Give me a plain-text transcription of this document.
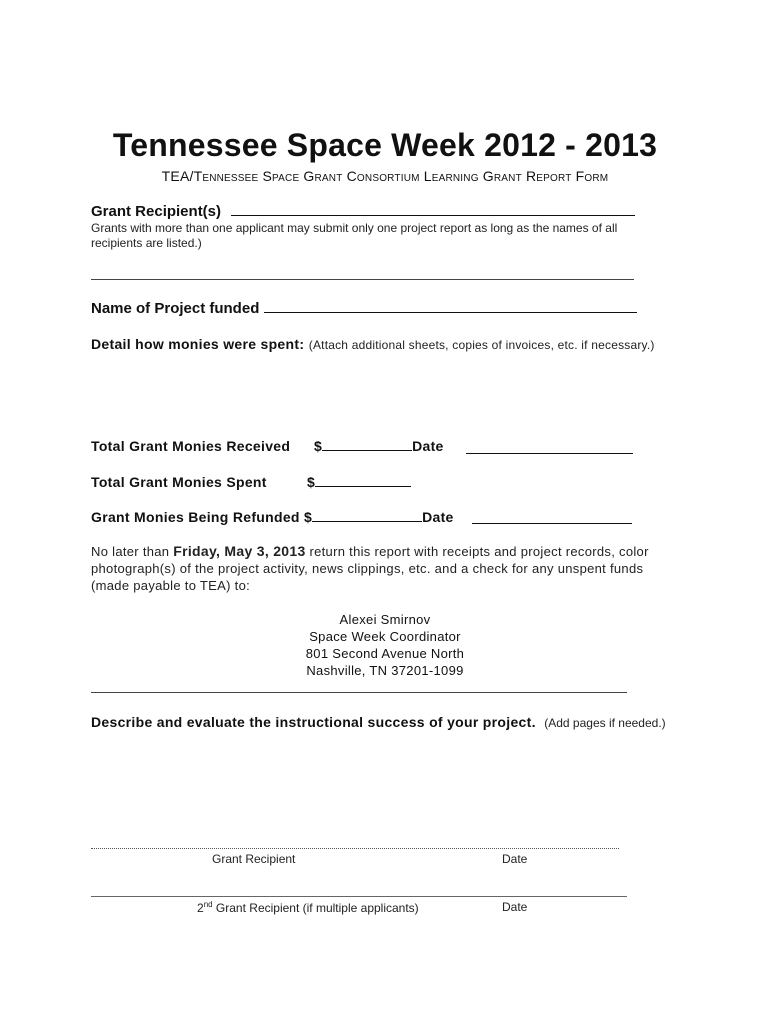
Tennessee Space Week 2012 - 2013
TEA/Tennessee Space Grant Consortium Learning Grant Report Form
Grant Recipient(s)
Grants with more than one applicant may submit only one project report as long as the names of all
recipients are listed.)
Name of Project funded
Detail how monies were spent: (Attach additional sheets, copies of invoices, etc. if necessary.)
Total Grant Monies Received $	Date
Total Grant Monies Spent	$
Grant Monies Being Refunded $	Date
No later than Friday, May 3, 2013 return this report with receipts and project records, color
photograph(s) of the project activity, news clippings, etc. and a check for any unspent funds
(made payable to TEA) to:
Alexei Smirnov
Space Week Coordinator
801 Second Avenue North
Nashville, TN 37201-1099
Describe and evaluate the instructional success of your project. (Add pages if needed.)
Grant Recipient	Date
2nd Grant Recipient (if multiple applicants)	Date
